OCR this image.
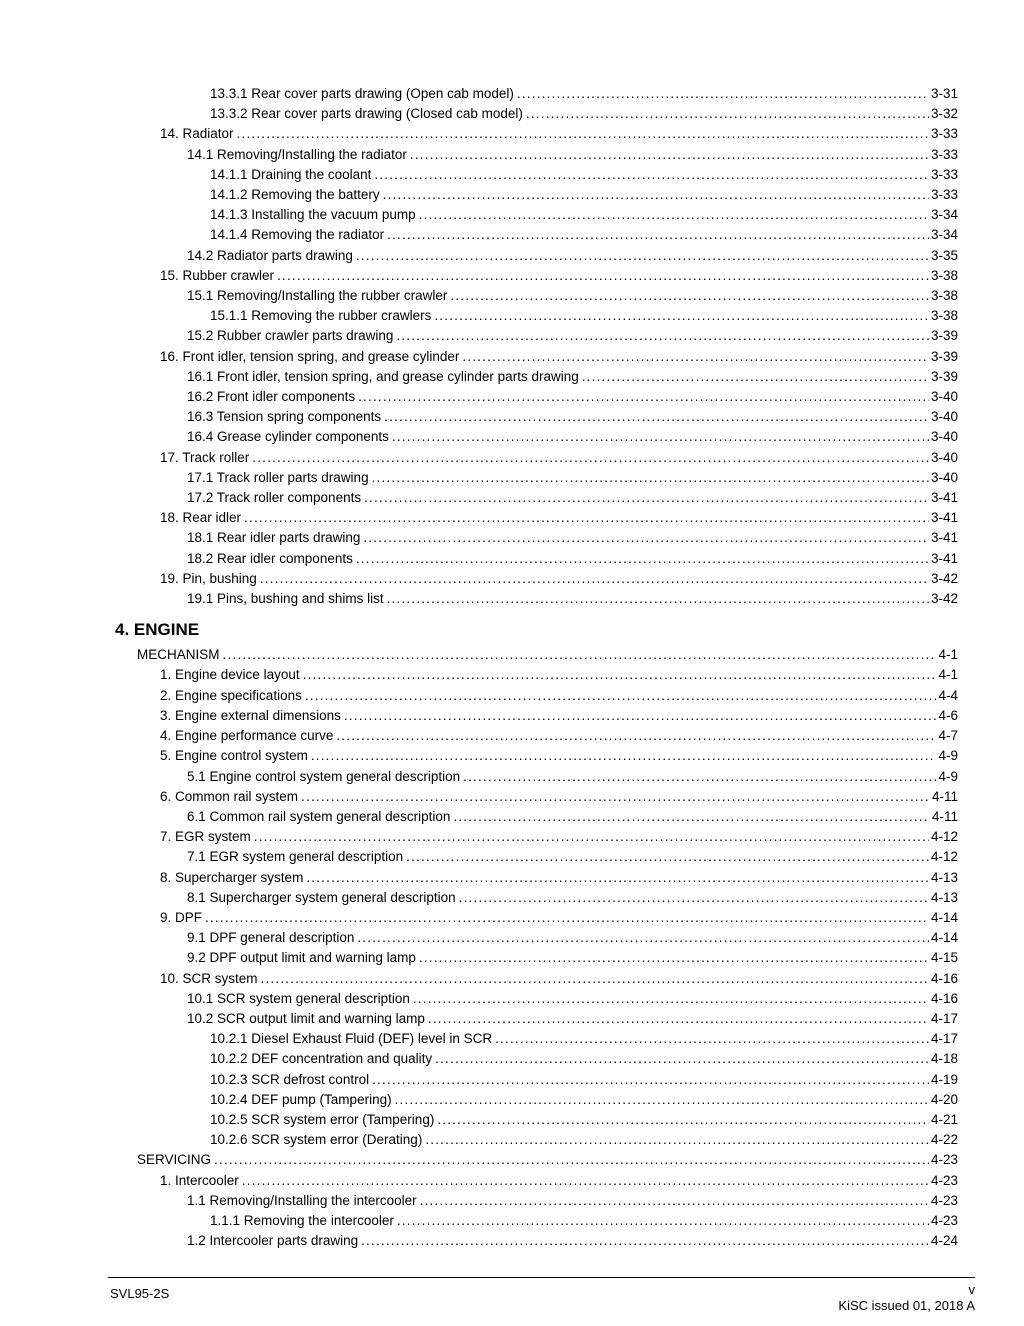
13.3.1 Rear cover parts drawing (Open cab model) .....	3-31
13.3.2 Rear cover parts drawing (Closed cab model) .....	3-32
14. Radiator .....	3-33
14.1 Removing/Installing the radiator .....	3-33
14.1.1 Draining the coolant .....	3-33
14.1.2 Removing the battery .....	3-33
14.1.3 Installing the vacuum pump .....	3-34
14.1.4 Removing the radiator .....	3-34
14.2 Radiator parts drawing .....	3-35
15. Rubber crawler .....	3-38
15.1 Removing/Installing the rubber crawler .....	3-38
15.1.1 Removing the rubber crawlers .....	3-38
15.2 Rubber crawler parts drawing .....	3-39
16. Front idler, tension spring, and grease cylinder .....	3-39
16.1 Front idler, tension spring, and grease cylinder parts drawing .....	3-39
16.2 Front idler components .....	3-40
16.3 Tension spring components .....	3-40
16.4 Grease cylinder components .....	3-40
17. Track roller .....	3-40
17.1 Track roller parts drawing .....	3-40
17.2 Track roller components .....	3-41
18. Rear idler .....	3-41
18.1 Rear idler parts drawing .....	3-41
18.2 Rear idler components .....	3-41
19. Pin, bushing .....	3-42
19.1 Pins, bushing and shims list .....	3-42
4. ENGINE
MECHANISM .....	4-1
1. Engine device layout .....	4-1
2. Engine specifications .....	4-4
3. Engine external dimensions .....	4-6
4. Engine performance curve .....	4-7
5. Engine control system .....	4-9
5.1 Engine control system general description .....	4-9
6. Common rail system .....	4-11
6.1 Common rail system general description .....	4-11
7. EGR system .....	4-12
7.1 EGR system general description .....	4-12
8. Supercharger system .....	4-13
8.1 Supercharger system general description .....	4-13
9. DPF .....	4-14
9.1 DPF general description .....	4-14
9.2 DPF output limit and warning lamp .....	4-15
10. SCR system .....	4-16
10.1 SCR system general description .....	4-16
10.2 SCR output limit and warning lamp .....	4-17
10.2.1 Diesel Exhaust Fluid (DEF) level in SCR .....	4-17
10.2.2 DEF concentration and quality .....	4-18
10.2.3 SCR defrost control .....	4-19
10.2.4 DEF pump (Tampering) .....	4-20
10.2.5 SCR system error (Tampering) .....	4-21
10.2.6 SCR system error (Derating) .....	4-22
SERVICING .....	4-23
1. Intercooler .....	4-23
1.1 Removing/Installing the intercooler .....	4-23
1.1.1 Removing the intercooler .....	4-23
1.2 Intercooler parts drawing .....	4-24
SVL95-2S	v
KiSC issued 01, 2018 A
